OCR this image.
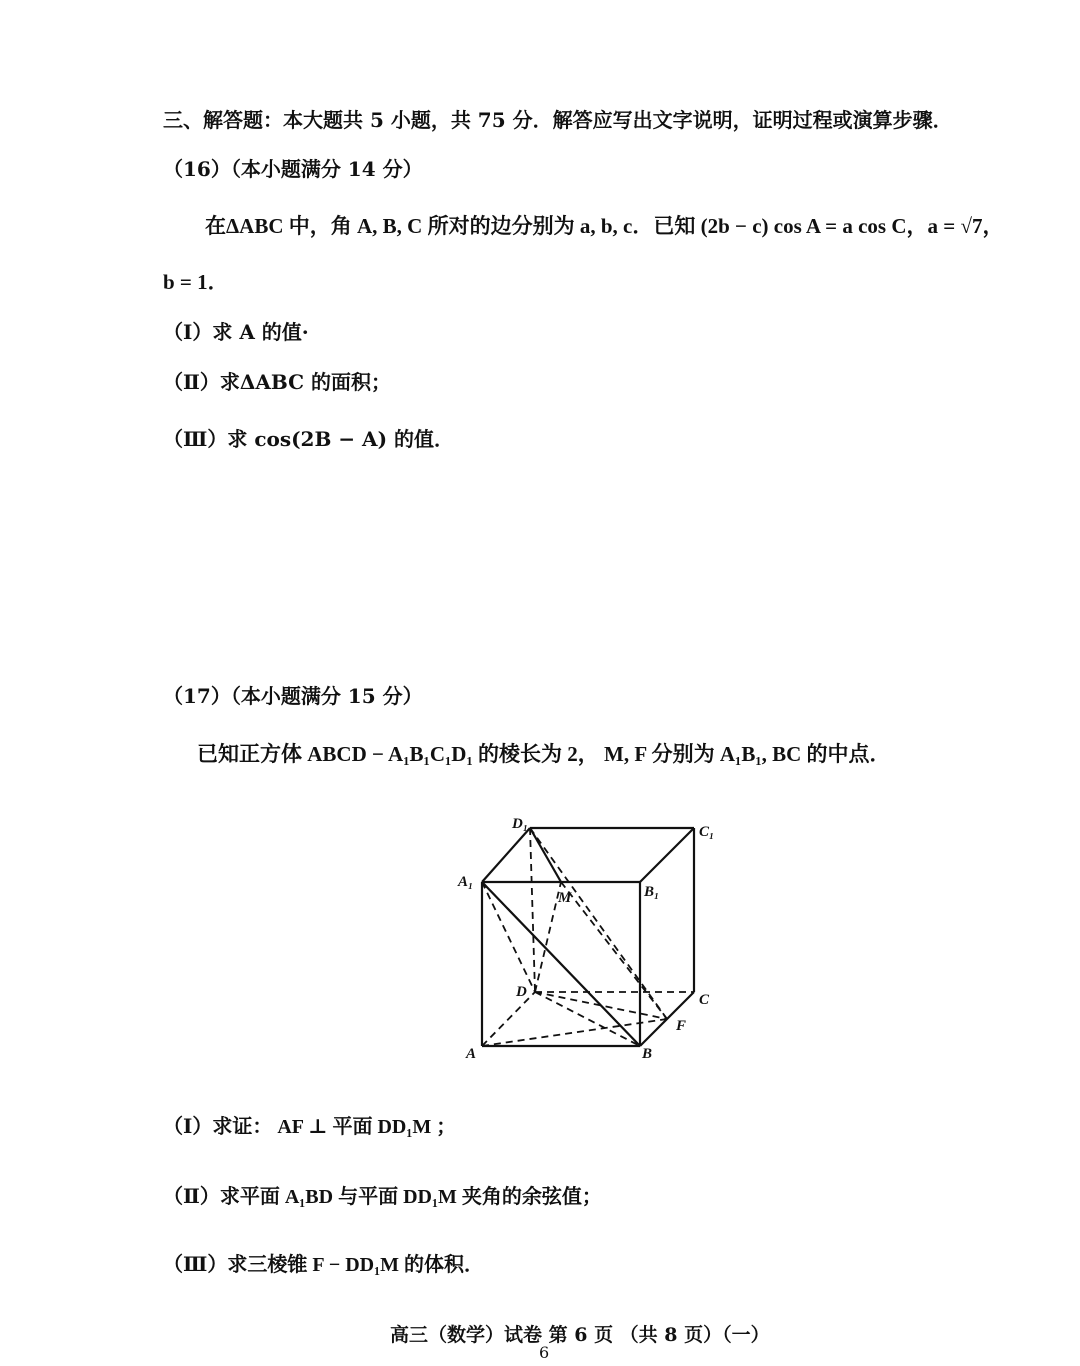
三、解答题：本大题共 5 小题，共 75 分．解答应写出文字说明，证明过程或演算步骤．
（16）（本小题满分 14 分）
在ΔABC 中，角 A, B, C 所对的边分别为 a, b, c．已知 (2b − c) cos A = a cos C，a = √7，
b = 1．
（Ⅰ）求 A 的值·
（Ⅱ）求ΔABC 的面积；
（Ⅲ）求 cos(2B − A) 的值．
（17）（本小题满分 15 分）
已知正方体 ABCD − A₁B₁C₁D₁ 的棱长为 2， M, F 分别为 A₁B₁, BC 的中点．
D₁	C₁
A₁
B₁
M
D	C
F
A	B
（Ⅰ）求证： AF ⊥ 平面 DD₁M ；
（Ⅱ）求平面 A₁BD 与平面 DD₁M 夹角的余弦值；
（Ⅲ）求三棱锥 F − DD₁M 的体积．
高三（数学）试卷 第 6 页 （共 8 页）（一）
6
